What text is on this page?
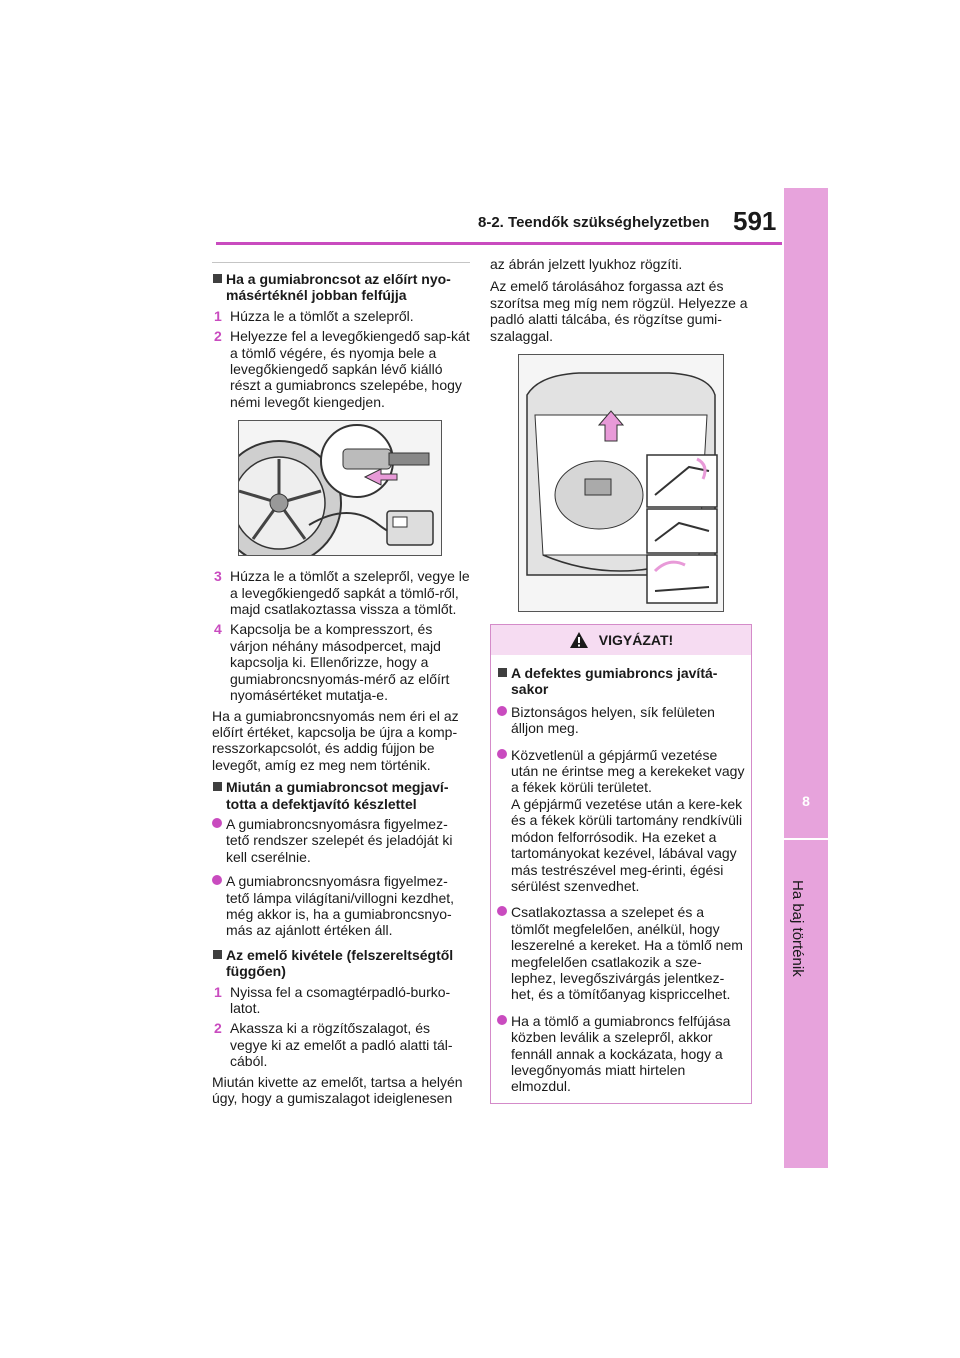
8-2. Teendők szükséghelyzetben 591
8
Ha baj történik
Ha a gumiabroncsot az előírt nyo-másértéknél jobban felfújja
1 Húzza le a tömlőt a szelepről.
2 Helyezze fel a levegőkiengedő sap-kát a tömlő végére, és nyomja bele a levegőkiengedő sapkán lévő kiálló részt a gumiabroncs szelepébe, hogy némi levegőt kiengedjen.
3 Húzza le a tömlőt a szelepről, vegye le a levegőkiengedő sapkát a tömlő-ről, majd csatlakoztassa vissza a tömlőt.
4 Kapcsolja be a kompresszort, és várjon néhány másodpercet, majd kapcsolja ki. Ellenőrizze, hogy a gumiabroncsnyomás-mérő az előírt nyomásértéket mutatja-e.
Ha a gumiabroncsnyomás nem éri el az előírt értéket, kapcsolja be újra a komp-resszorkapcsolót, és addig fújjon be levegőt, amíg ez meg nem történik.
Miután a gumiabroncsot megjaví-totta a defektjavító készlettel
A gumiabroncsnyomásra figyelmez-tető rendszer szelepét és jeladóját ki kell cserélnie.
A gumiabroncsnyomásra figyelmez-tető lámpa világítani/villogni kezdhet, még akkor is, ha a gumiabroncsnyo-más az ajánlott értéken áll.
Az emelő kivétele (felszereltségtől függően)
1 Nyissa fel a csomagtérpadló-burko-latot.
2 Akassza ki a rögzítőszalagot, és vegye ki az emelőt a padló alatti tál-cából.
Miután kivette az emelőt, tartsa a helyén úgy, hogy a gumiszalagot ideiglenesen
az ábrán jelzett lyukhoz rögzíti.
Az emelő tárolásához forgassa azt és szorítsa meg míg nem rögzül. Helyezze a padló alatti tálcába, és rögzítse gumi-szalaggal.
VIGYÁZAT!
A defektes gumiabroncs javítá-sakor
Biztonságos helyen, sík felületen álljon meg.
Közvetlenül a gépjármű vezetése után ne érintse meg a kerekeket vagy a fékek körüli területet.
A gépjármű vezetése után a kere-kek és a fékek körüli tartomány rendkívüli módon felforrósodik. Ha ezeket a tartományokat kezével, lábával vagy más testrészével meg-érinti, égési sérülést szenvedhet.
Csatlakoztassa a szelepet és a tömlőt megfelelően, anélkül, hogy leszerelné a kereket. Ha a tömlő nem megfelelően csatlakozik a sze-lephez, levegőszivárgás jelentkez-het, és a tömítőanyag kispriccelhet.
Ha a tömlő a gumiabroncs felfújása közben leválik a szelepről, akkor fennáll annak a kockázata, hogy a levegőnyomás miatt hirtelen elmozdul.
